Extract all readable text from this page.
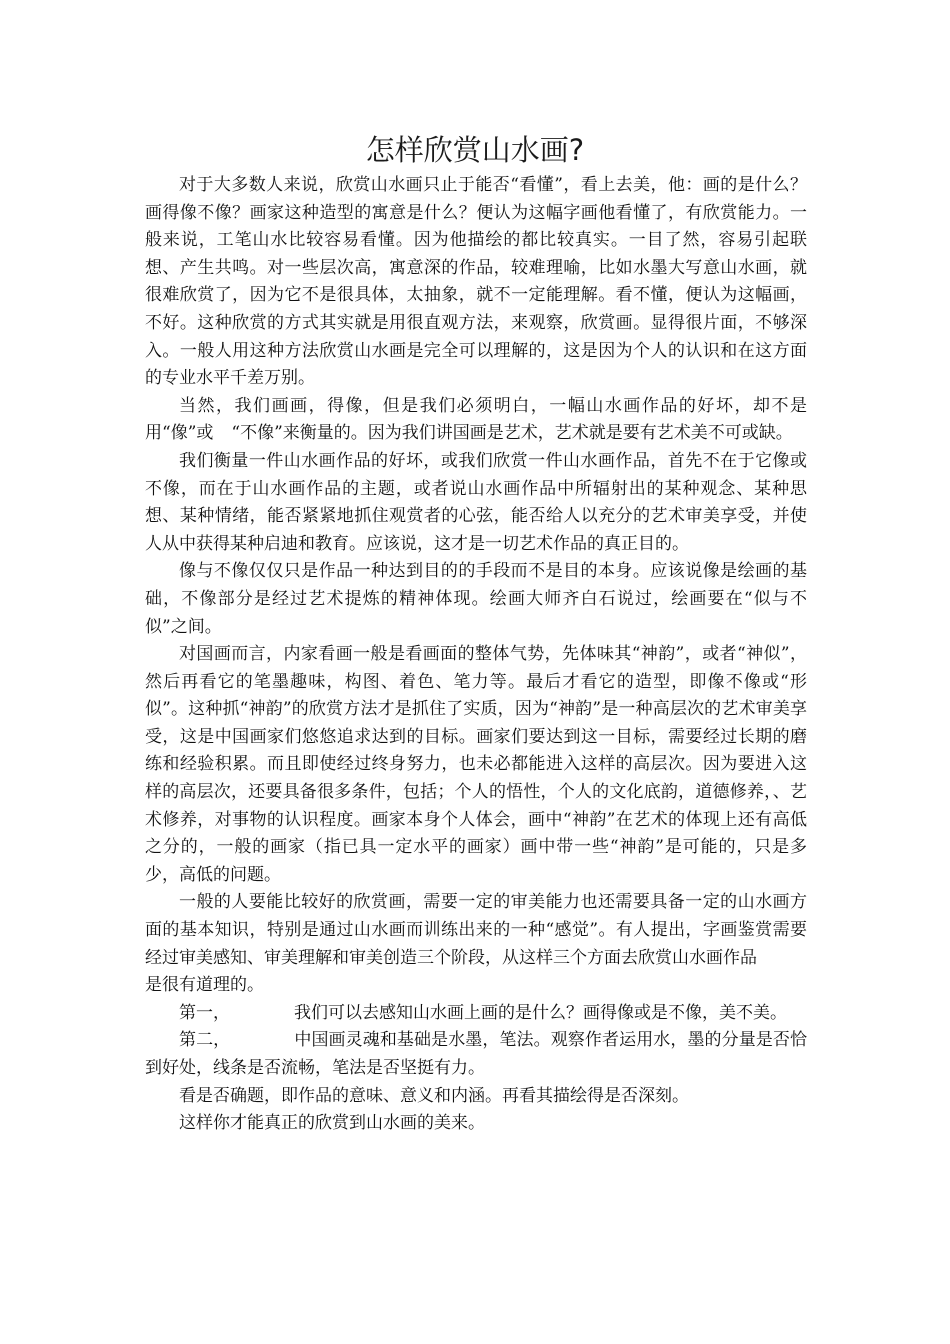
怎样欣赏山水画?

对于大多数人来说，欣赏山水画只止于能否“看懂”，看上去美，他：画的是什么？画得像不像？画家这种造型的寓意是什么？便认为这幅字画他看懂了，有欣赏能力。一般来说，工笔山水比较容易看懂。因为他描绘的都比较真实。一目了然，容易引起联想、产生共鸣。对一些层次高，寓意深的作品，较难理喻，比如水墨大写意山水画，就很难欣赏了，因为它不是很具体，太抽象，就不一定能理解。看不懂，便认为这幅画，不好。这种欣赏的方式其实就是用很直观方法，来观察，欣赏画。显得很片面，不够深入。一般人用这种方法欣赏山水画是完全可以理解的，这是因为个人的认识和在这方面的专业水平千差万别。

当然，我们画画，得像，但是我们必须明白，一幅山水画作品的好坏，却不是用“像”或 “不像”来衡量的。因为我们讲国画是艺术，艺术就是要有艺术美不可或缺。

我们衡量一件山水画作品的好坏，或我们欣赏一件山水画作品，首先不在于它像或不像，而在于山水画作品的主题，或者说山水画作品中所辐射出的某种观念、某种思想、某种情绪，能否紧紧地抓住观赏者的心弦，能否给人以充分的艺术审美享受，并使人从中获得某种启迪和教育。应该说，这才是一切艺术作品的真正目的。

像与不像仅仅只是作品一种达到目的的手段而不是目的本身。应该说像是绘画的基础，不像部分是经过艺术提炼的精神体现。绘画大师齐白石说过，绘画要在“似与不似”之间。

对国画而言，内家看画一般是看画面的整体气势，先体味其“神韵”，或者“神似”，然后再看它的笔墨趣味，构图、着色、笔力等。最后才看它的造型，即像不像或“形似”。这种抓“神韵”的欣赏方法才是抓住了实质，因为“神韵”是一种高层次的艺术审美享受，这是中国画家们悠悠追求达到的目标。画家们要达到这一目标，需要经过长期的磨练和经验积累。而且即使经过终身努力，也未必都能进入这样的高层次。因为要进入这样的高层次，还要具备很多条件，包括；个人的悟性，个人的文化底韵，道德修养，、艺术修养，对事物的认识程度。画家本身个人体会，画中“神韵”在艺术的体现上还有高低之分的，一般的画家（指已具一定水平的画家）画中带一些“神韵”是可能的，只是多少，高低的问题。

一般的人要能比较好的欣赏画，需要一定的审美能力也还需要具备一定的山水画方面的基本知识，特别是通过山水画而训练出来的一种“感觉”。有人提出，字画鉴赏需要经过审美感知、审美理解和审美创造三个阶段，从这样三个方面去欣赏山水画作品

是很有道理的。

第一，	我们可以去感知山水画上画的是什么？画得像或是不像，美不美。

第二，	中国画灵魂和基础是水墨，笔法。观察作者运用水，墨的分量是否恰到好处，线条是否流畅，笔法是否坚挺有力。

看是否确题，即作品的意味、意义和内涵。再看其描绘得是否深刻。

这样你才能真正的欣赏到山水画的美来。
